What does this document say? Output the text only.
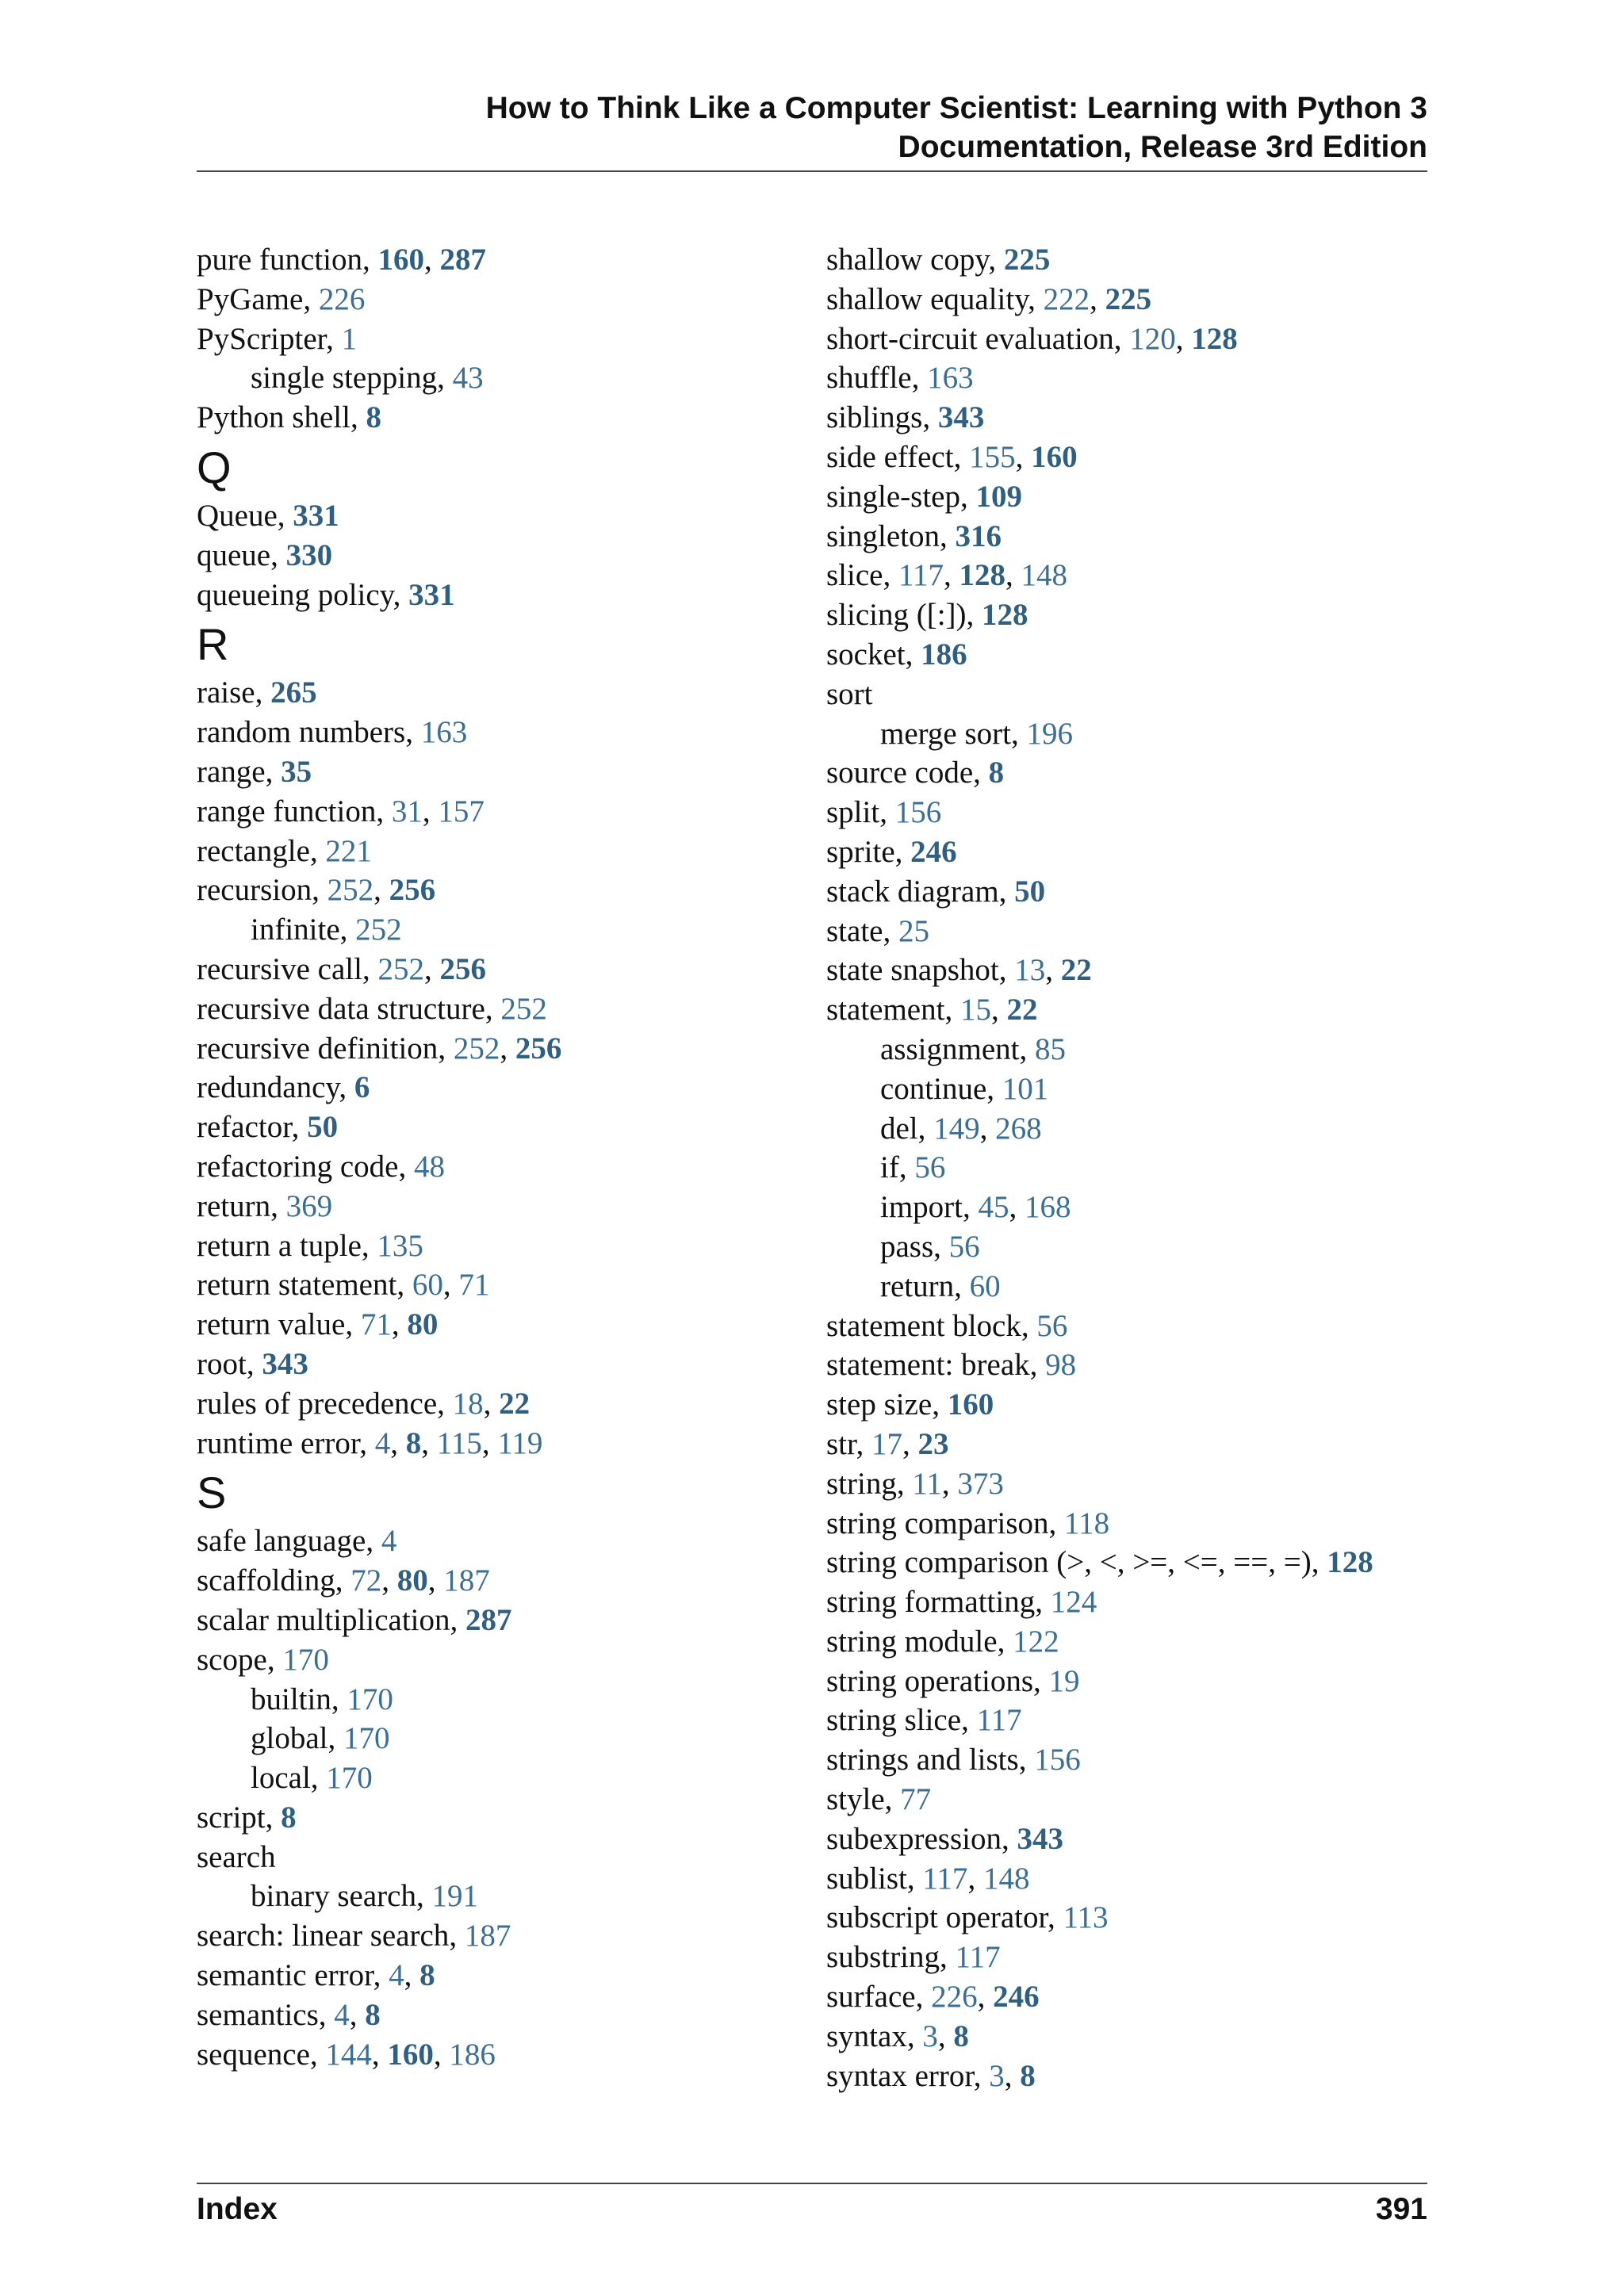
How to Think Like a Computer Scientist: Learning with Python 3
Documentation, Release 3rd Edition
pure function, 160, 287
PyGame, 226
PyScripter, 1
single stepping, 43
Python shell, 8
Q
Queue, 331
queue, 330
queueing policy, 331
R
raise, 265
random numbers, 163
range, 35
range function, 31, 157
rectangle, 221
recursion, 252, 256
infinite, 252
recursive call, 252, 256
recursive data structure, 252
recursive definition, 252, 256
redundancy, 6
refactor, 50
refactoring code, 48
return, 369
return a tuple, 135
return statement, 60, 71
return value, 71, 80
root, 343
rules of precedence, 18, 22
runtime error, 4, 8, 115, 119
S
safe language, 4
scaffolding, 72, 80, 187
scalar multiplication, 287
scope, 170
builtin, 170
global, 170
local, 170
script, 8
search
binary search, 191
search: linear search, 187
semantic error, 4, 8
semantics, 4, 8
sequence, 144, 160, 186
shallow copy, 225
shallow equality, 222, 225
short-circuit evaluation, 120, 128
shuffle, 163
siblings, 343
side effect, 155, 160
single-step, 109
singleton, 316
slice, 117, 128, 148
slicing ([:]), 128
socket, 186
sort
merge sort, 196
source code, 8
split, 156
sprite, 246
stack diagram, 50
state, 25
state snapshot, 13, 22
statement, 15, 22
assignment, 85
continue, 101
del, 149, 268
if, 56
import, 45, 168
pass, 56
return, 60
statement block, 56
statement: break, 98
step size, 160
str, 17, 23
string, 11, 373
string comparison, 118
string comparison (>, <, >=, <=, ==, =), 128
string formatting, 124
string module, 122
string operations, 19
string slice, 117
strings and lists, 156
style, 77
subexpression, 343
sublist, 117, 148
subscript operator, 113
substring, 117
surface, 226, 246
syntax, 3, 8
syntax error, 3, 8
Index	391
